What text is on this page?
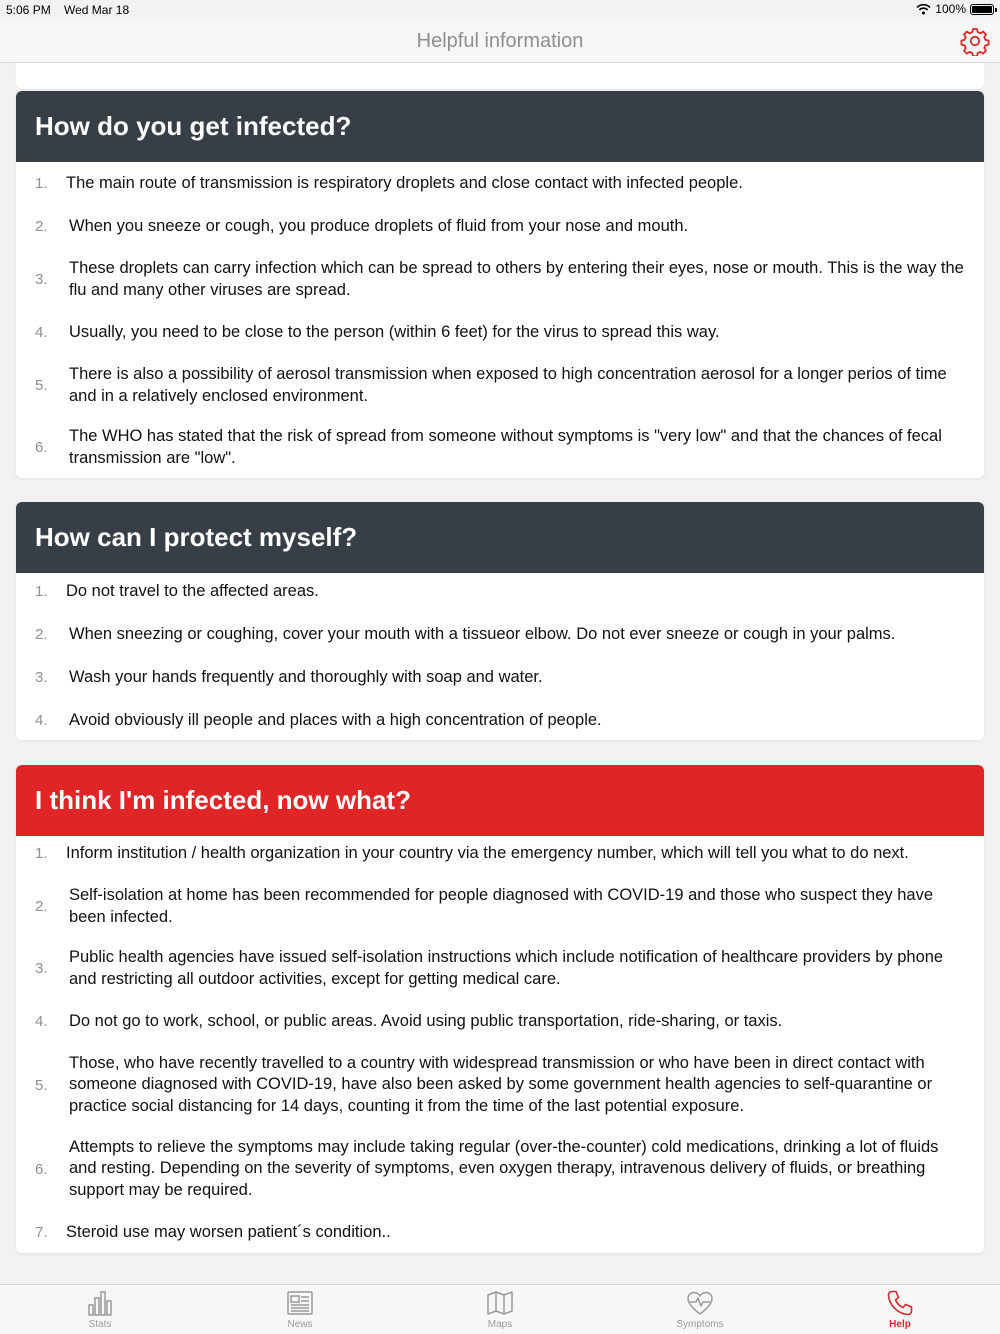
5:06 PM Wed Mar 18	100%
Helpful information
How do you get infected?
1.	The main route of transmission is respiratory droplets and close contact with infected people.
2.	When you sneeze or cough, you produce droplets of fluid from your nose and mouth.
3.
These droplets can carry infection which can be spread to others by entering their eyes, nose or mouth. This is the way the flu and many other viruses are spread.
4.	Usually, you need to be close to the person (within 6 feet) for the virus to spread this way.
5.
There is also a possibility of aerosol transmission when exposed to high concentration aerosol for a longer perios of time and in a relatively enclosed environment.
6.
The WHO has stated that the risk of spread from someone without symptoms is "very low" and that the chances of fecal transmission are "low".
How can I protect myself?
1.	Do not travel to the affected areas.
2.	When sneezing or coughing, cover your mouth with a tissueor elbow. Do not ever sneeze or cough in your palms.
3.	Wash your hands frequently and thoroughly with soap and water.
4.	Avoid obviously ill people and places with a high concentration of people.
I think I'm infected, now what?
1.	Inform institution / health organization in your country via the emergency number, which will tell you what to do next.
2.
Self-isolation at home has been recommended for people diagnosed with COVID-19 and those who suspect they have been infected.
3.
Public health agencies have issued self-isolation instructions which include notification of healthcare providers by phone and restricting all outdoor activities, except for getting medical care.
4.	Do not go to work, school, or public areas. Avoid using public transportation, ride-sharing, or taxis.
5.
Those, who have recently travelled to a country with widespread transmission or who have been in direct contact with someone diagnosed with COVID-19, have also been asked by some government health agencies to self-quarantine or practice social distancing for 14 days, counting it from the time of the last potential exposure.
6.
Attempts to relieve the symptoms may include taking regular (over-the-counter) cold medications, drinking a lot of fluids and resting. Depending on the severity of symptoms, even oxygen therapy, intravenous delivery of fluids, or breathing support may be required.
7.	Steroid use may worsen patient´s condition..
Stats	News	Maps	Symptoms	Help
